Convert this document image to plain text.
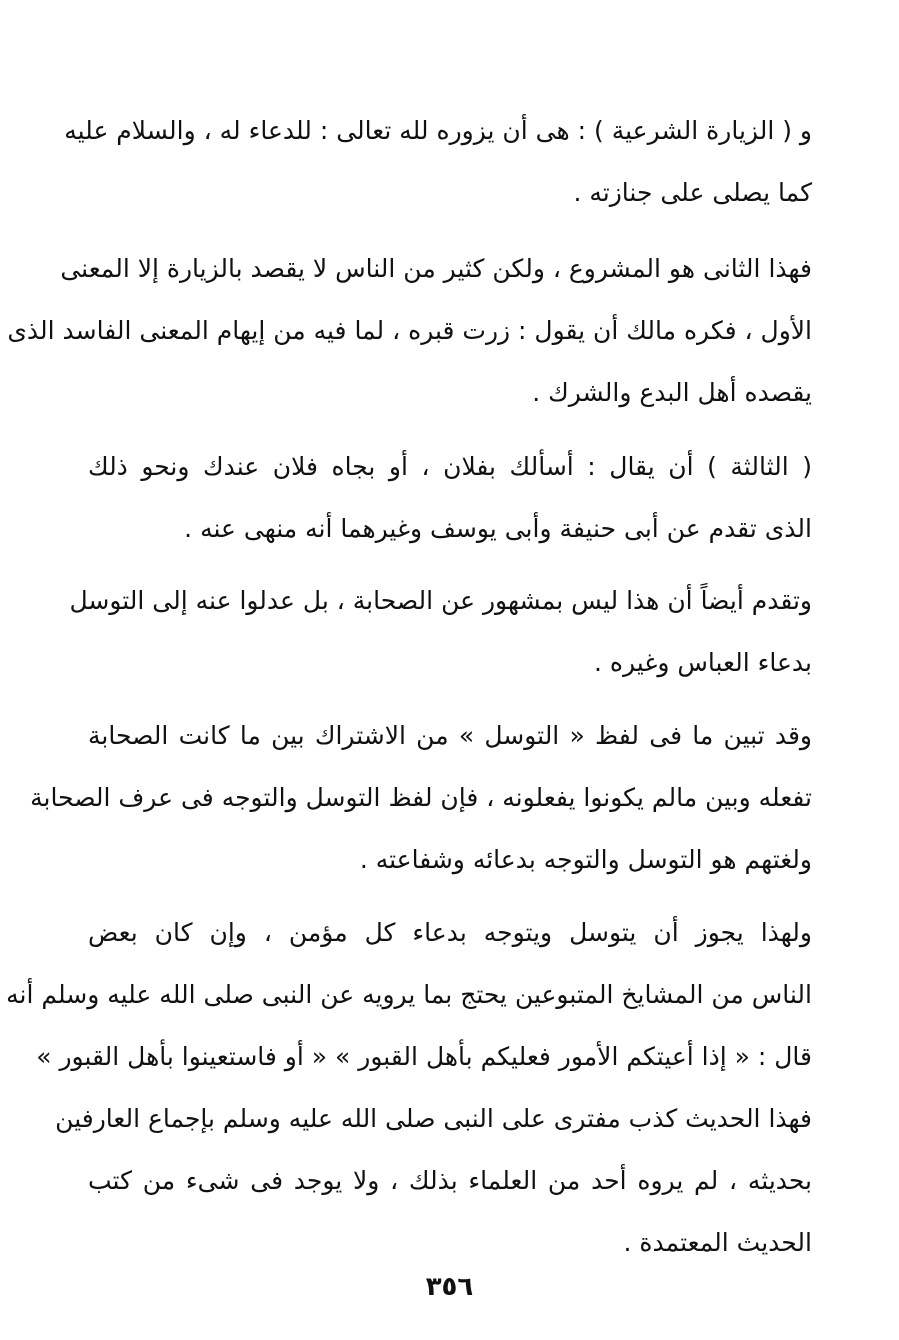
و ( الزيارة الشرعية ) : هى أن يزوره لله تعالى : للدعاء له ، والسلام عليه
كما يصلى على جنازته .
فهذا الثانى هو المشروع ، ولكن كثير من الناس لا يقصد بالزيارة إلا المعنى
الأول ، فكره مالك أن يقول : زرت قبره ، لما فيه من إيهام المعنى الفاسد الذى
يقصده أهل البدع والشرك .
( الثالثة ) أن يقال : أسألك بفلان ، أو بجاه فلان عندك ونحو ذلك
الذى تقدم عن أبى حنيفة وأبى يوسف وغيرهما أنه منهى عنه .
وتقدم أيضاً أن هذا ليس بمشهور عن الصحابة ، بل عدلوا عنه إلى التوسل
بدعاء العباس وغيره .
وقد تبين ما فى لفظ « التوسل » من الاشتراك بين ما كانت الصحابة
تفعله وبين مالم يكونوا يفعلونه ، فإن لفظ التوسل والتوجه فى عرف الصحابة
ولغتهم هو التوسل والتوجه بدعائه وشفاعته .
ولهذا يجوز أن يتوسل ويتوجه بدعاء كل مؤمن ، وإن كان بعض
الناس من المشايخ المتبوعين يحتج بما يرويه عن النبى صلى الله عليه وسلم أنه
قال : « إذا أعيتكم الأمور فعليكم بأهل القبور » « أو فاستعينوا بأهل القبور »
فهذا الحديث كذب مفترى على النبى صلى الله عليه وسلم بإجماع العارفين
بحديثه ، لم يروه أحد من العلماء بذلك ، ولا يوجد فى شىء من كتب
الحديث المعتمدة .
٣٥٦
